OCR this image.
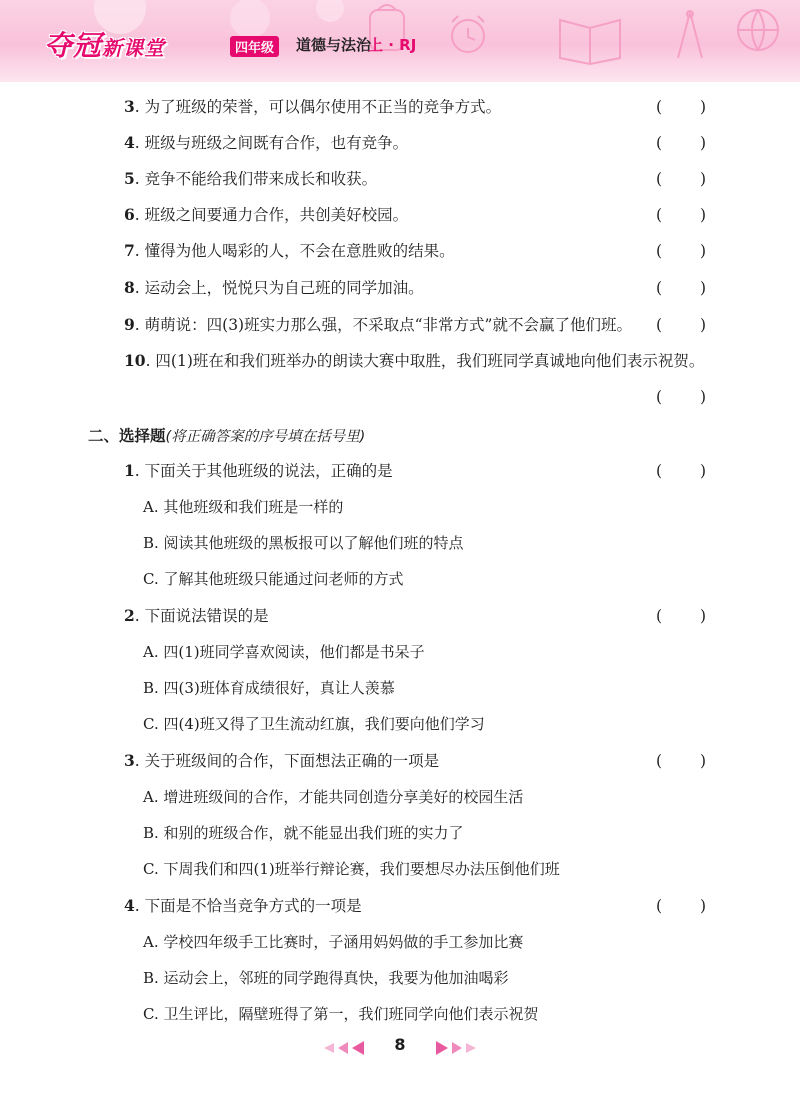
夺冠新课堂	四年级	道德与法治
上 · RJ
3. 为了班级的荣誉，可以偶尔使用不正当的竞争方式。	( )
4. 班级与班级之间既有合作，也有竞争。	( )
5. 竞争不能给我们带来成长和收获。	( )
6. 班级之间要通力合作，共创美好校园。	( )
7. 懂得为他人喝彩的人，不会在意胜败的结果。	( )
8. 运动会上，悦悦只为自己班的同学加油。	( )
9. 萌萌说：四(3)班实力那么强，不采取点“非常方式”就不会赢了他们班。	( )
10. 四(1)班在和我们班举办的朗读大赛中取胜，我们班同学真诚地向他们表示祝贺。
( )
二、选择题(将正确答案的序号填在括号里)
1. 下面关于其他班级的说法，正确的是	( )
A. 其他班级和我们班是一样的
B. 阅读其他班级的黑板报可以了解他们班的特点
C. 了解其他班级只能通过问老师的方式
2. 下面说法错误的是	( )
A. 四(1)班同学喜欢阅读，他们都是书呆子
B. 四(3)班体育成绩很好，真让人羡慕
C. 四(4)班又得了卫生流动红旗，我们要向他们学习
3. 关于班级间的合作，下面想法正确的一项是	( )
A. 增进班级间的合作，才能共同创造分享美好的校园生活
B. 和别的班级合作，就不能显出我们班的实力了
C. 下周我们和四(1)班举行辩论赛，我们要想尽办法压倒他们班
4. 下面是不恰当竞争方式的一项是	( )
A. 学校四年级手工比赛时，子涵用妈妈做的手工参加比赛
B. 运动会上，邻班的同学跑得真快，我要为他加油喝彩
C. 卫生评比，隔壁班得了第一，我们班同学向他们表示祝贺
8
